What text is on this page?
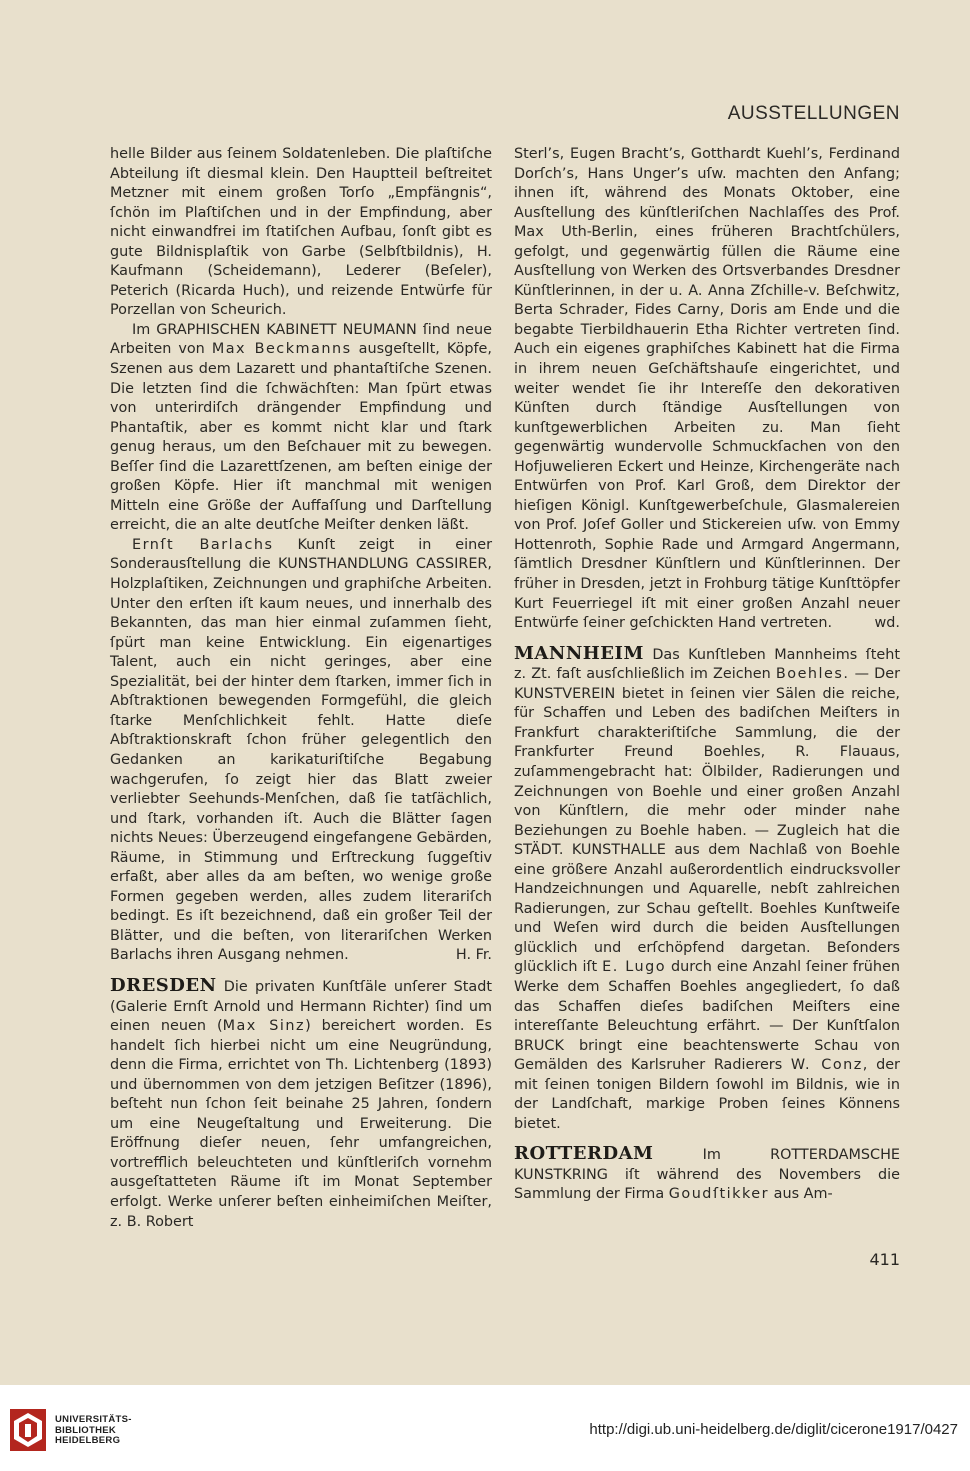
AUSSTELLUNGEN

helle Bilder aus ſeinem Soldatenleben. Die plaſtiſche Abteilung iſt diesmal klein. Den Hauptteil beſtreitet Metzner mit einem großen Torſo „Empfängnis“, ſchön im Plaſtiſchen und in der Empfindung, aber nicht einwandfrei im ſtatiſchen Aufbau, ſonſt gibt es gute Bildnisplaſtik von Garbe (Selbſtbildnis), H. Kaufmann (Scheidemann), Lederer (Beſeler), Peterich (Ricarda Huch), und reizende Entwürfe für Porzellan von Scheurich.

Im GRAPHISCHEN KABINETT NEUMANN ſind neue Arbeiten von Max Beckmanns ausgeſtellt, Köpfe, Szenen aus dem Lazarett und phantaſtiſche Szenen. Die letzten ſind die ſchwächſten: Man ſpürt etwas von unterirdiſch drängender Empfindung und Phantaſtik, aber es kommt nicht klar und ſtark genug heraus, um den Beſchauer mit zu bewegen. Beſſer ſind die Lazarettſzenen, am beſten einige der großen Köpfe. Hier iſt manchmal mit wenigen Mitteln eine Größe der Auffaſſung und Darſtellung erreicht, die an alte deutſche Meiſter denken läßt.

Ernſt Barlachs Kunſt zeigt in einer Sonderausſtellung die KUNSTHANDLUNG CASSIRER, Holzplaſtiken, Zeichnungen und graphiſche Arbeiten. Unter den erſten iſt kaum neues, und innerhalb des Bekannten, das man hier einmal zuſammen ſieht, ſpürt man keine Entwicklung. Ein eigenartiges Talent, auch ein nicht geringes, aber eine Spezialität, bei der hinter dem ſtarken, immer ſich in Abſtraktionen bewegenden Formgefühl, die gleich ſtarke Menſchlichkeit fehlt. Hatte dieſe Abſtraktionskraft ſchon früher gelegentlich den Gedanken an karikaturiſtiſche Begabung wachgerufen, ſo zeigt hier das Blatt zweier verliebter Seehunds-Menſchen, daß ſie tatſächlich, und ſtark, vorhanden iſt. Auch die Blätter ſagen nichts Neues: Überzeugend eingefangene Gebärden, Räume, in Stimmung und Erſtreckung ſuggeſtiv erfaßt, aber alles da am beſten, wo wenige große Formen gegeben werden, alles zudem literariſch bedingt. Es iſt bezeichnend, daß ein großer Teil der Blätter, und die beſten, von literariſchen Werken Barlachs ihren Ausgang nehmen.	H. Fr.

DRESDEN Die privaten Kunſtſäle unſerer Stadt (Galerie Ernſt Arnold und Hermann Richter) ſind um einen neuen (Max Sinz) bereichert worden. Es handelt ſich hierbei nicht um eine Neugründung, denn die Firma, errichtet von Th. Lichtenberg (1893) und übernommen von dem jetzigen Beſitzer (1896), beſteht nun ſchon ſeit beinahe 25 Jahren, ſondern um eine Neugeſtaltung und Erweiterung. Die Eröffnung dieſer neuen, ſehr umfangreichen, vortrefflich beleuchteten und künſtleriſch vornehm ausgeſtatteten Räume iſt im Monat September erfolgt. Werke unſerer beſten einheimiſchen Meiſter, z. B. Robert

Sterl’s, Eugen Bracht’s, Gotthardt Kuehl’s, Ferdinand Dorſch’s, Hans Unger’s uſw. machten den Anfang; ihnen iſt, während des Monats Oktober, eine Ausſtellung des künſtleriſchen Nachlaſſes des Prof. Max Uth-Berlin, eines früheren Brachtſchülers, gefolgt, und gegenwärtig füllen die Räume eine Ausſtellung von Werken des Ortsverbandes Dresdner Künſtlerinnen, in der u. A. Anna Zſchille-v. Beſchwitz, Berta Schrader, Fides Carny, Doris am Ende und die begabte Tierbildhauerin Etha Richter vertreten ſind. Auch ein eigenes graphiſches Kabinett hat die Firma in ihrem neuen Geſchäftshauſe eingerichtet, und weiter wendet ſie ihr Intereſſe den dekorativen Künſten durch ſtändige Ausſtellungen von kunſtgewerblichen Arbeiten zu. Man ſieht gegenwärtig wundervolle Schmuckſachen von den Hofjuwelieren Eckert und Heinze, Kirchengeräte nach Entwürfen von Prof. Karl Groß, dem Direktor der hieſigen Königl. Kunſtgewerbeſchule, Glasmalereien von Prof. Joſef Goller und Stickereien uſw. von Emmy Hottenroth, Sophie Rade und Armgard Angermann, ſämtlich Dresdner Künſtlern und Künſtlerinnen. Der früher in Dresden, jetzt in Frohburg tätige Kunſttöpfer Kurt Feuerriegel iſt mit einer großen Anzahl neuer Entwürfe ſeiner geſchickten Hand vertreten.	wd.

MANNHEIM Das Kunſtleben Mannheims ſteht z. Zt. faſt ausſchließlich im Zeichen Boehles. — Der KUNSTVEREIN bietet in ſeinen vier Sälen die reiche, für Schaffen und Leben des badiſchen Meiſters in Frankfurt charakteriſtiſche Sammlung, die der Frankfurter Freund Boehles, R. Flauaus, zuſammengebracht hat: Ölbilder, Radierungen und Zeichnungen von Boehle und einer großen Anzahl von Künſtlern, die mehr oder minder nahe Beziehungen zu Boehle haben. — Zugleich hat die STÄDT. KUNSTHALLE aus dem Nachlaß von Boehle eine größere Anzahl außerordentlich eindrucksvoller Handzeichnungen und Aquarelle, nebſt zahlreichen Radierungen, zur Schau geſtellt. Boehles Kunſtweiſe und Weſen wird durch die beiden Ausſtellungen glücklich und erſchöpfend dargetan. Beſonders glücklich iſt E. Lugo durch eine Anzahl ſeiner frühen Werke dem Schaffen Boehles angegliedert, ſo daß das Schaffen dieſes badiſchen Meiſters eine intereſſante Beleuchtung erfährt. — Der Kunſtſalon BRUCK bringt eine beachtenswerte Schau von Gemälden des Karlsruher Radierers W. Conz, der mit ſeinen tonigen Bildern ſowohl im Bildnis, wie in der Landſchaft, markige Proben ſeines Könnens bietet.

ROTTERDAM Im ROTTERDAMSCHE KUNSTKRING iſt während des Novembers die Sammlung der Firma Goudſtikker aus Am-

411
UNIVERSITÄTS-
BIBLIOTHEK
HEIDELBERG
http://digi.ub.uni-heidelberg.de/diglit/cicerone1917/0427
